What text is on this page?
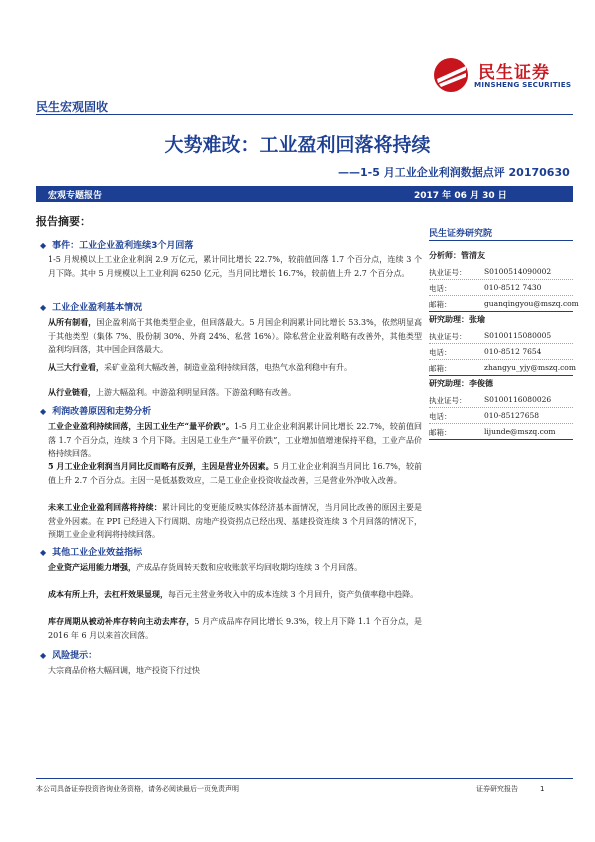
民生证券
MINSHENG SECURITIES
民生宏观固收
大势难改：工业盈利回落将持续
——1-5 月工业企业利润数据点评 20170630
宏观专题报告	2017 年 06 月 30 日
报告摘要：
◆ 事件：工业企业盈利连续3个月回落
1-5 月规模以上工业企业利润 2.9 万亿元，累计同比增长 22.7%，较前值回落 1.7 个百分点，连续 3 个月下降。其中 5 月规模以上工业利润 6250 亿元，当月同比增长 16.7%，较前值上升 2.7 个百分点。
◆ 工业企业盈利基本情况
从所有制看，国企盈利高于其他类型企业，但回落最大。5 月国企利润累计同比增长 53.3%，依然明显高于其他类型（集体 7%、股份制 30%、外商 24%、私营 16%）。除私营企业盈利略有改善外，其他类型盈利均回落，其中国企回落最大。
从三大行业看，采矿业盈利大幅改善，制造业盈利持续回落，电热气水盈利稳中有升。
从行业链看，上游大幅盈利。中游盈利明显回落。下游盈利略有改善。
◆ 利润改善原因和走势分析
工业企业盈利持续回落，主因工业生产“量平价跌”。1-5 月工业企业利润累计同比增长 22.7%，较前值回落 1.7 个百分点，连续 3 个月下降。主因是工业生产“量平价跌”，工业增加值增速保持平稳，工业产品价格持续回落。
5 月工业企业利润当月同比反而略有反弹，主因是营业外因素。5 月工业企业利润当月同比 16.7%，较前值上升 2.7 个百分点。主因一是低基数效应，二是工业企业投资收益改善，三是营业外净收入改善。
未来工业企业盈利回落将持续：累计同比的变更能反映实体经济基本面情况，当月同比改善的原因主要是营业外因素。在 PPI 已经进入下行周期、房地产投资拐点已经出现、基建投资连续 3 个月回落的情况下，预期工业企业利润将持续回落。
◆ 其他工业企业效益指标
企业资产运用能力增强，产成品存货周转天数和应收账款平均回收期均连续 3 个月回落。
成本有所上升，去杠杆效果显现，每百元主营业务收入中的成本连续 3 个月回升，资产负债率稳中趋降。
库存周期从被动补库存转向主动去库存，5 月产成品库存同比增长 9.3%，较上月下降 1.1 个百分点，是 2016 年 6 月以来首次回落。
◆ 风险提示：
大宗商品价格大幅回调，地产投资下行过快
民生证券研究院
分析师：管清友
执业证号： S0100514090002
电话：	010-8512 7430
邮箱：	guanqingyou@mszq.com
研究助理：张瑜
执业证号： S0100115080005
电话：	010-8512 7654
邮箱：	zhangyu_yjy@mszq.com
研究助理：李俊德
执业证号： S0100116080026
电话：	010-85127658
邮箱：	lijunde@mszq.com
本公司具备证券投资咨询业务资格，请务必阅读最后一页免责声明	证券研究报告	1
